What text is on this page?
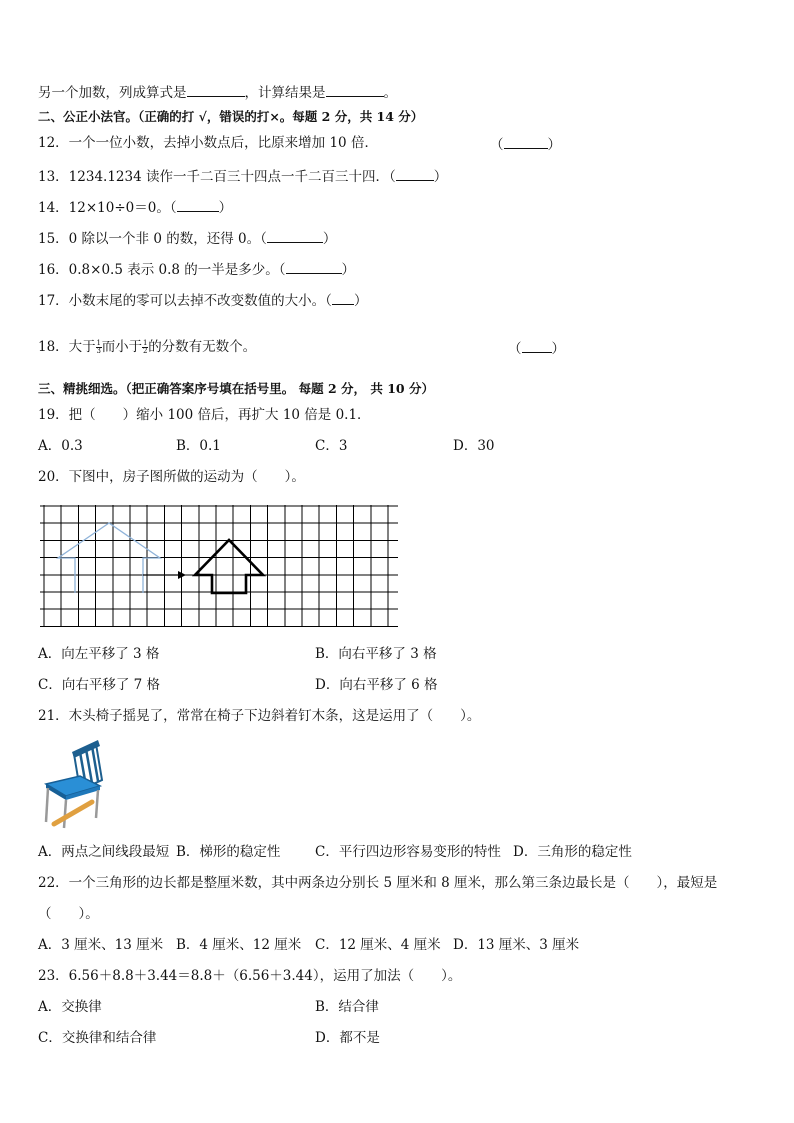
另一个加数，列成算式是	，计算结果是	。
二、公正小法官。（正确的打 √，错误的打×。每题 2 分，共 14 分）
12．一个一位小数，去掉小数点后，比原来增加 10 倍．	（	）
13．1234.1234 读作一千二百三十四点一千二百三十四．（	）
14．12×10÷0＝0。（	）
15．0 除以一个非 0 的数，还得 0。（	）
16．0.8×0.5 表示 0.8 的一半是多少。（	）
17．小数末尾的零可以去掉不改变数值的大小。（ ）
18．大于 $\frac{1}{3}$ 而小于 $\frac{1}{2}$ 的分数有无数个。	（ ）
三、精挑细选。（把正确答案序号填在括号里。 每题 2 分， 共 10 分）
19．把（　　）缩小 100 倍后，再扩大 10 倍是 0.1．
A．0.3	B．0.1	C．3	D．30
20．下图中，房子图所做的运动为（　　）。
A．向左平移了 3 格	B．向右平移了 3 格
C．向右平移了 7 格	D．向右平移了 6 格
21．木头椅子摇晃了，常常在椅子下边斜着钉木条，这是运用了（　　）。
A．两点之间线段最短 B．梯形的稳定性	C．平行四边形容易变形的特性 D．三角形的稳定性
22．一个三角形的边长都是整厘米数，其中两条边分别长 5 厘米和 8 厘米，那么第三条边最长是（　　），最短是
（　　）。
A．3 厘米、13 厘米 B．4 厘米、12 厘米 C．12 厘米、4 厘米 D．13 厘米、3 厘米
23．6.56＋8.8＋3.44＝8.8＋（6.56＋3.44），运用了加法（　　）。
A．交换律	B．结合律
C．交换律和结合律	D．都不是
